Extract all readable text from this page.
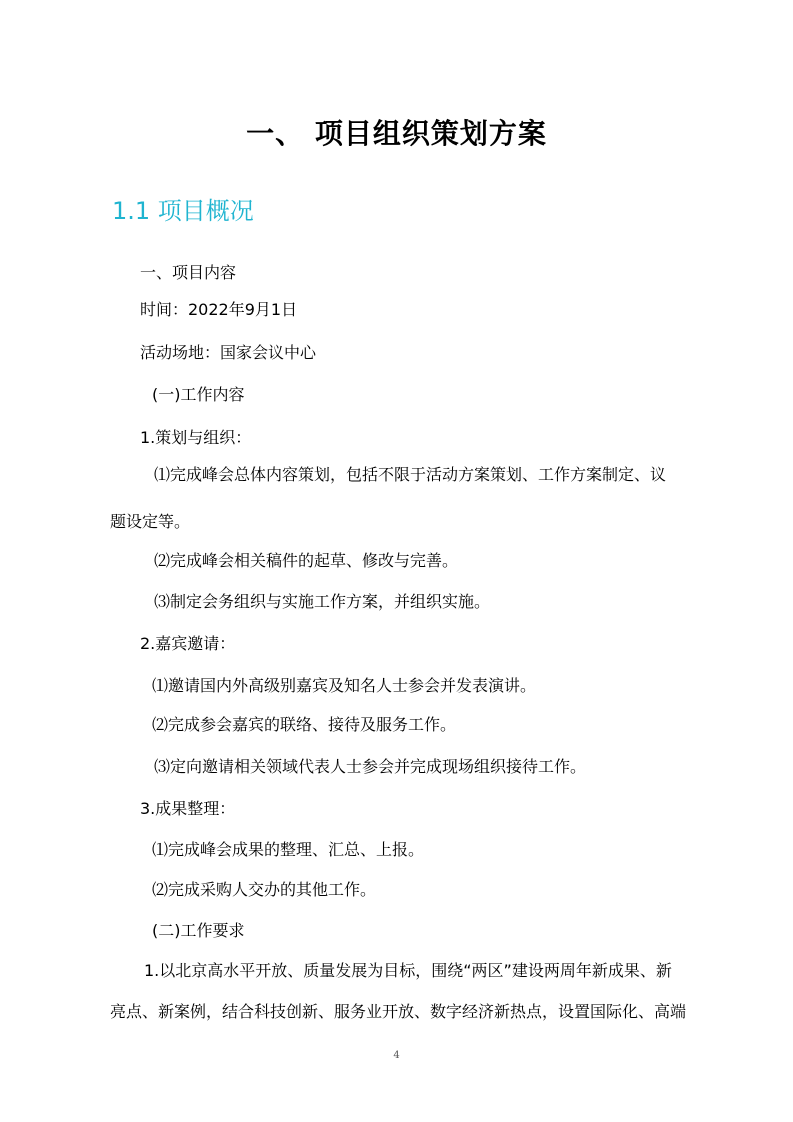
一、 项目组织策划方案
1.1 项目概况

一、项目内容

时间：2022年9月1日

活动场地：国家会议中心

(一)工作内容

1.策划与组织：

⑴完成峰会总体内容策划，包括不限于活动方案策划、工作方案制定、议

题设定等。

⑵完成峰会相关稿件的起草、修改与完善。

⑶制定会务组织与实施工作方案，并组织实施。

2.嘉宾邀请：

⑴邀请国内外高级别嘉宾及知名人士参会并发表演讲。

⑵完成参会嘉宾的联络、接待及服务工作。

⑶定向邀请相关领域代表人士参会并完成现场组织接待工作。

3.成果整理：

⑴完成峰会成果的整理、汇总、上报。

⑵完成采购人交办的其他工作。

(二)工作要求

1.以北京高水平开放、质量发展为目标，围绕“两区”建设两周年新成果、新

亮点、新案例，结合科技创新、服务业开放、数字经济新热点，设置国际化、高端

4
